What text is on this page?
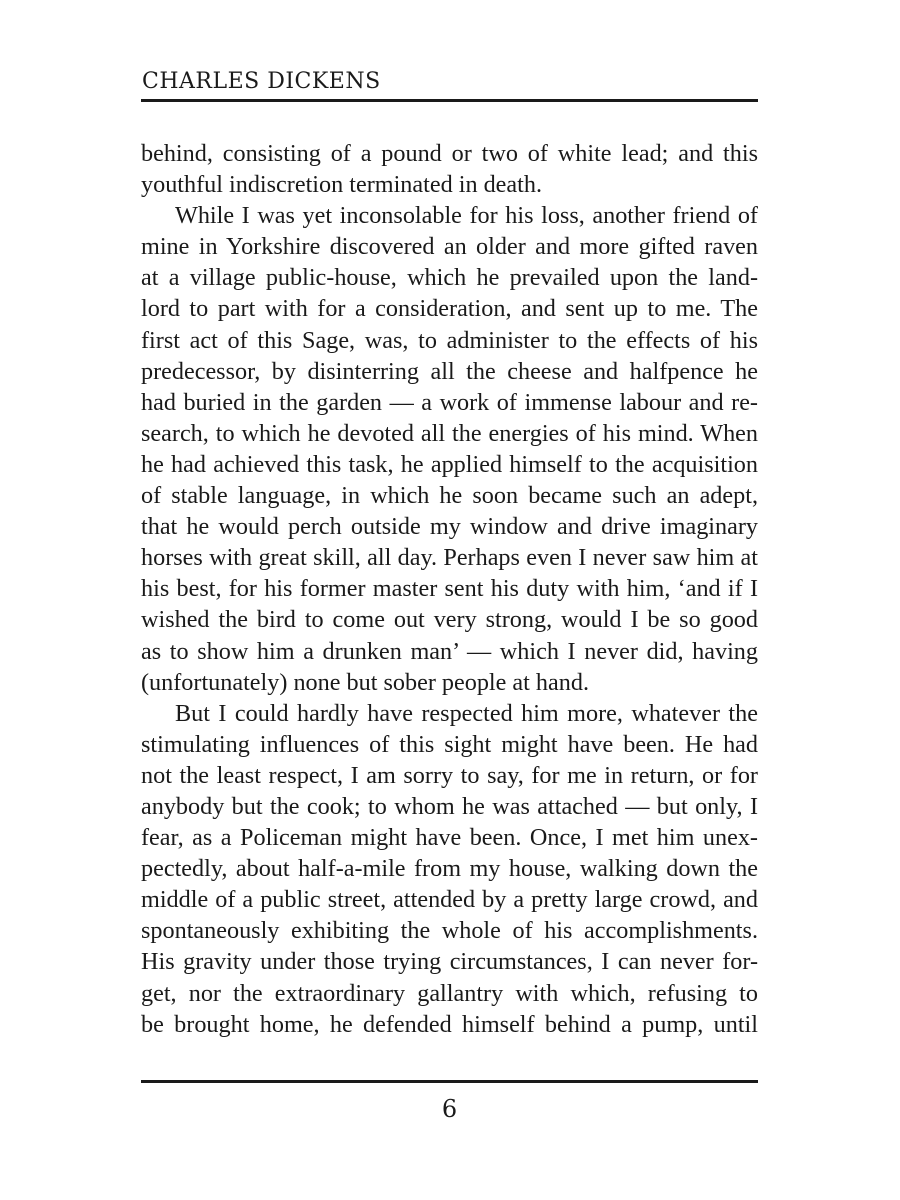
CHARLES DICKENS
behind, consisting of a pound or two of white lead; and this
youthful indiscretion terminated in death.
While I was yet inconsolable for his loss, another friend of
mine in Yorkshire discovered an older and more gifted raven
at a village public-house, which he prevailed upon the land-
lord to part with for a consideration, and sent up to me. The
first act of this Sage, was, to administer to the effects of his
predecessor, by disinterring all the cheese and halfpence he
had buried in the garden — a work of immense labour and re-
search, to which he devoted all the energies of his mind. When
he had achieved this task, he applied himself to the acquisition
of stable language, in which he soon became such an adept,
that he would perch outside my window and drive imaginary
horses with great skill, all day. Perhaps even I never saw him at
his best, for his former master sent his duty with him, ‘and if I
wished the bird to come out very strong, would I be so good
as to show him a drunken man’ — which I never did, having
(unfortunately) none but sober people at hand.
But I could hardly have respected him more, whatever the
stimulating influences of this sight might have been. He had
not the least respect, I am sorry to say, for me in return, or for
anybody but the cook; to whom he was attached — but only, I
fear, as a Policeman might have been. Once, I met him unex-
pectedly, about half-a-mile from my house, walking down the
middle of a public street, attended by a pretty large crowd, and
spontaneously exhibiting the whole of his accomplishments.
His gravity under those trying circumstances, I can never for-
get, nor the extraordinary gallantry with which, refusing to
be brought home, he defended himself behind a pump, until
6
